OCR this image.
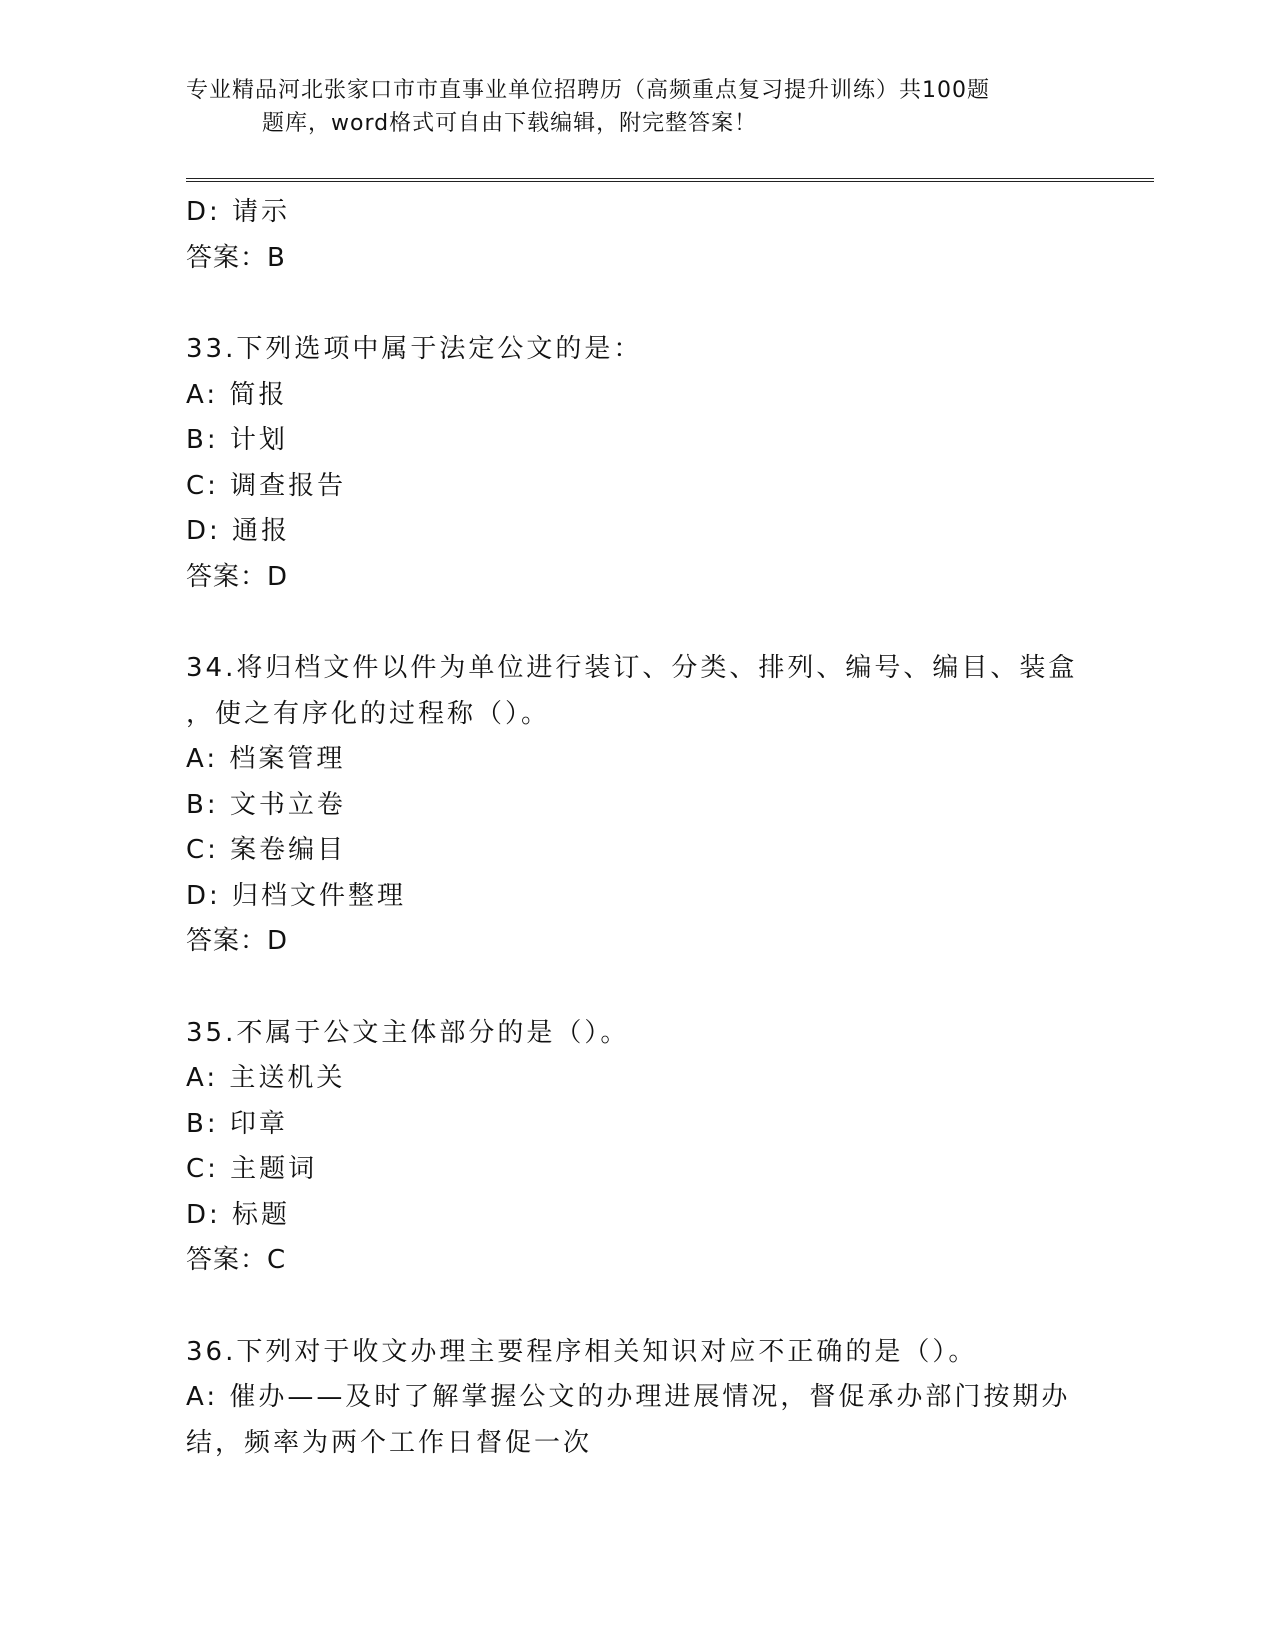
专业精品河北张家口市市直事业单位招聘历（高频重点复习提升训练）共100题
题库，word格式可自由下载编辑，附完整答案！
D: 请示
答案：B
33.下列选项中属于法定公文的是：
A: 简报
B: 计划
C: 调查报告
D: 通报
答案：D
34.将归档文件以件为单位进行装订、分类、排列、编号、编目、装盒
，使之有序化的过程称（）。
A: 档案管理
B: 文书立卷
C: 案卷编目
D: 归档文件整理
答案：D
35.不属于公文主体部分的是（）。
A: 主送机关
B: 印章
C: 主题词
D: 标题
答案：C
36.下列对于收文办理主要程序相关知识对应不正确的是（）。
A: 催办——及时了解掌握公文的办理进展情况，督促承办部门按期办
结，频率为两个工作日督促一次
